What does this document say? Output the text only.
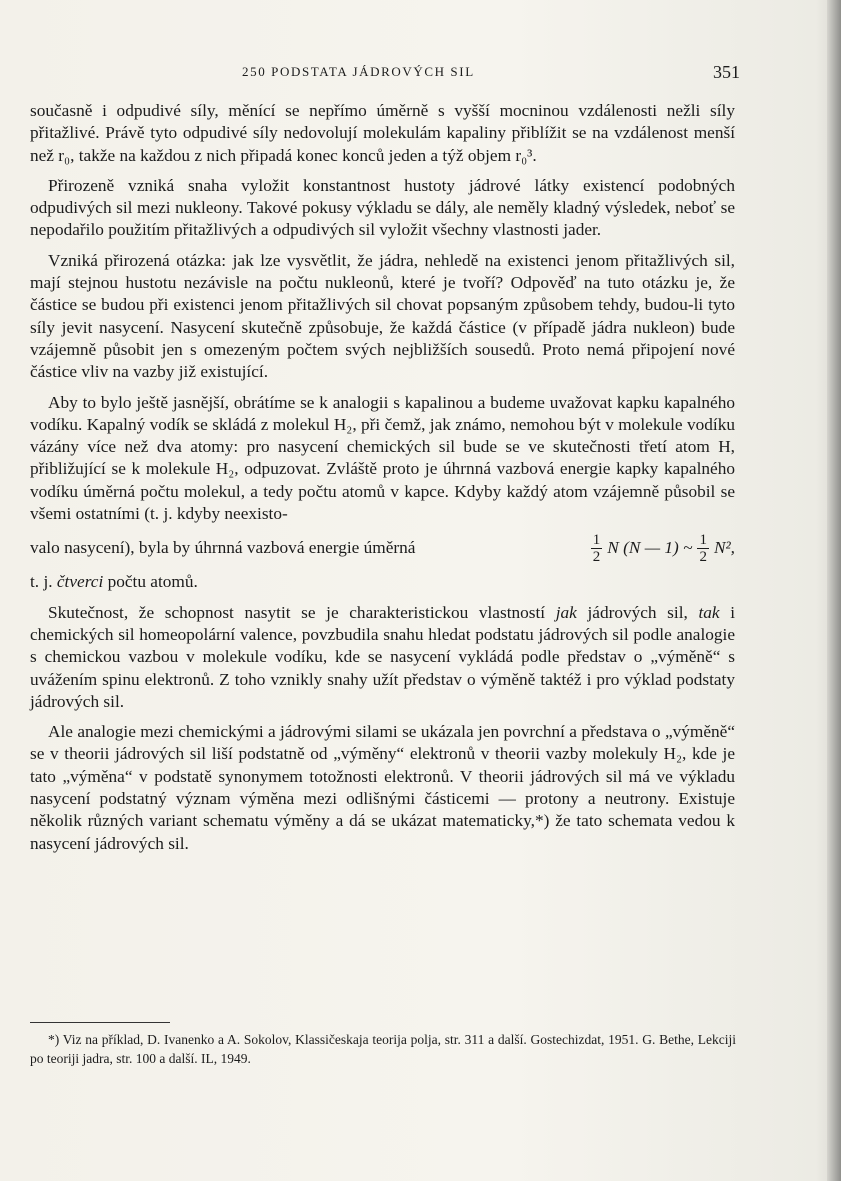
250 PODSTATA JÁDROVÝCH SIL	351

současně i odpudivé síly, měnící se nepřímo úměrně s vyšší mocninou vzdálenosti nežli síly přitažlivé. Právě tyto odpudivé síly nedovolují molekulám kapaliny přiblížit se na vzdálenost menší než r₀, takže na každou z nich připadá konec konců jeden a týž objem r₀³.

Přirozeně vzniká snaha vyložit konstantnost hustoty jádrové látky existencí podobných odpudivých sil mezi nukleony. Takové pokusy výkladu se dály, ale neměly kladný výsledek, neboť se nepodařilo použitím přitažlivých a odpudivých sil vyložit všechny vlastnosti jader.

Vzniká přirozená otázka: jak lze vysvětlit, že jádra, nehledě na existenci jenom přitažlivých sil, mají stejnou hustotu nezávisle na počtu nukleonů, které je tvoří? Odpověď na tuto otázku je, že částice se budou při existenci jenom přitažlivých sil chovat popsaným způsobem tehdy, budou-li tyto síly jevit nasycení. Nasycení skutečně způsobuje, že každá částice (v případě jádra nukleon) bude vzájemně působit jen s omezeným počtem svých nejbližších sousedů. Proto nemá připojení nové částice vliv na vazby již existující.

Aby to bylo ještě jasnější, obrátíme se k analogii s kapalinou a budeme uvažovat kapku kapalného vodíku. Kapalný vodík se skládá z molekul H₂, při čemž, jak známo, nemohou být v molekule vodíku vázány více než dva atomy: pro nasycení chemických sil bude se ve skutečnosti třetí atom H, přibližující se k molekule H₂, odpuzovat. Zvláště proto je úhrnná vazbová energie kapky kapalného vodíku úměrná počtu molekul, a tedy počtu atomů v kapce. Kdyby každý atom vzájemně působil se všemi ostatními (t. j. kdyby neexisto-

valo nasycení), byla by úhrnná vazbová energie úměrná	$\frac{1}{2}$ N (N — 1) ~ $\frac{1}{2} N^2$,

t. j. čtverci počtu atomů.

Skutečnost, že schopnost nasytit se je charakteristickou vlastností jak jádrových sil, tak i chemických sil homeopolární valence, povzbudila snahu hledat podstatu jádrových sil podle analogie s chemickou vazbou v molekule vodíku, kde se nasycení vykládá podle představ o „výměně“ s uvážením spinu elektronů. Z toho vznikly snahy užít představ o výměně taktéž i pro výklad podstaty jádrových sil.

Ale analogie mezi chemickými a jádrovými silami se ukázala jen povrchní a představa o „výměně“ se v theorii jádrových sil liší podstatně od „výměny“ elektronů v theorii vazby molekuly H₂, kde je tato „výměna“ v podstatě synonymem totožnosti elektronů. V theorii jádrových sil má ve výkladu nasycení podstatný význam výměna mezi odlišnými částicemi — protony a neutrony. Existuje několik různých variant schematu výměny a dá se ukázat matematicky,*) že tato schemata vedou k nasycení jádrových sil.

*) Viz na příklad, D. Ivanenko a A. Sokolov, Klassičeskaja teorija polja, str. 311 a další. Gostechizdat, 1951. G. Bethe, Lekciji po teoriji jadra, str. 100 a další. IL, 1949.
